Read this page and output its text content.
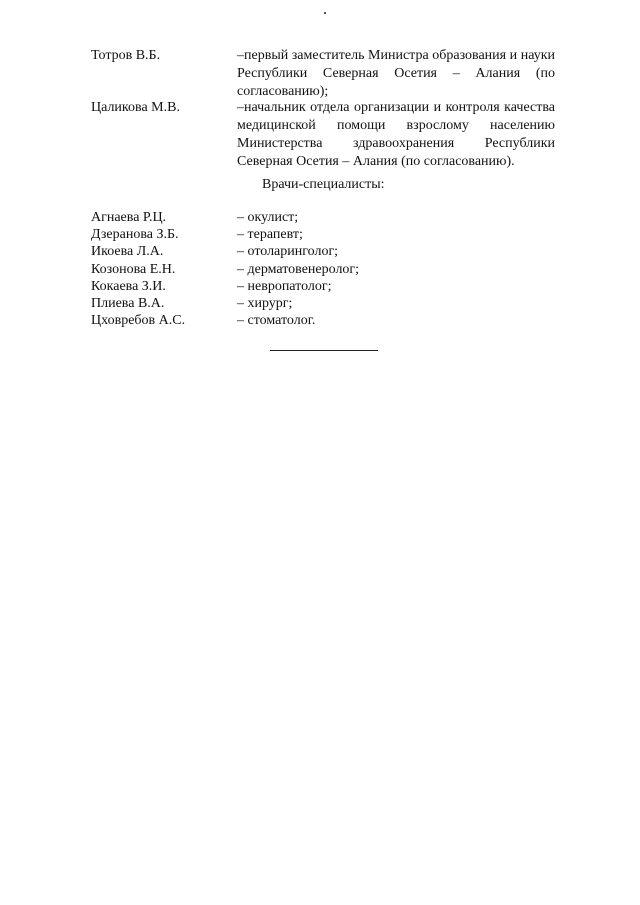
Тотров В.Б.	–первый заместитель Министра образования и науки
Республики Северная Осетия – Алания (по
согласованию);
Цаликова М.В.	–начальник отдела организации и контроля качества
медицинской помощи взрослому населению
Министерства здравоохранения Республики
Северная Осетия – Алания (по согласованию).
Врачи-специалисты:
Агнаева Р.Ц.	– окулист;
Дзеранова З.Б.	– терапевт;
Икоева Л.А.	– отоларинголог;
Козонова Е.Н.	– дерматовенеролог;
Кокаева З.И.	– невропатолог;
Плиева В.А.	– хирург;
Цховребов А.С.	– стоматолог.
